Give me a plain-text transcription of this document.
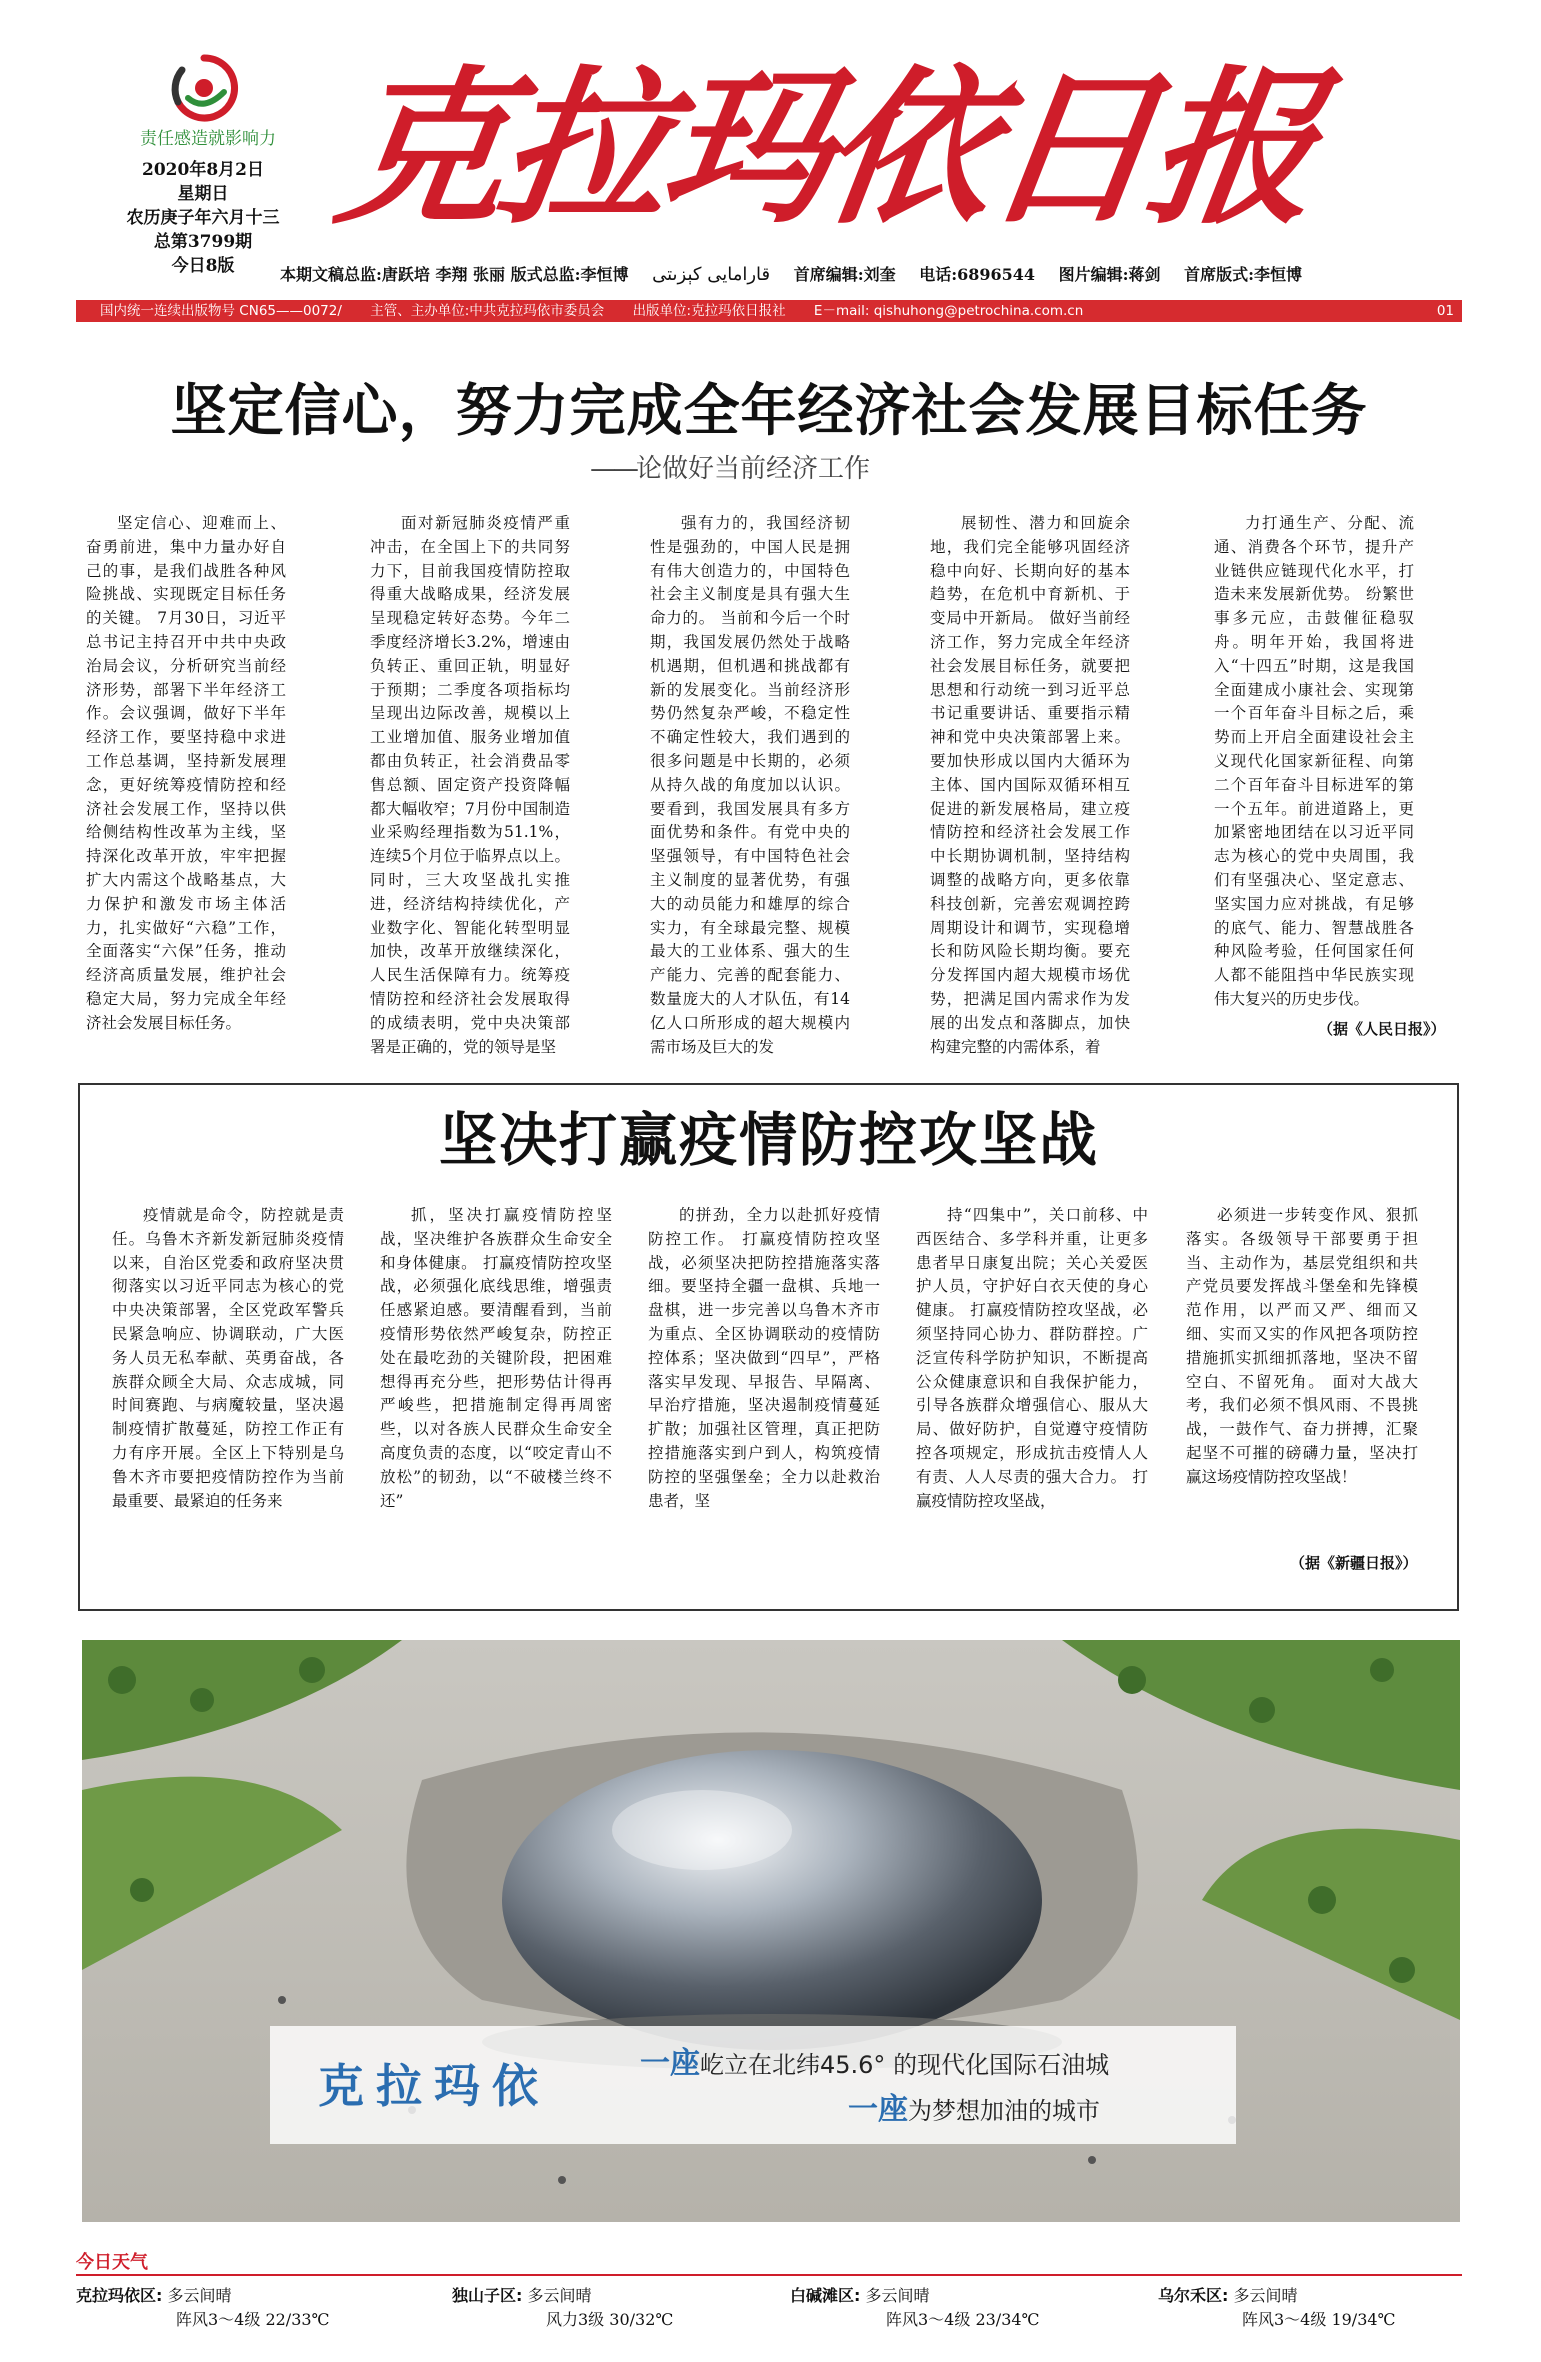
责任感造就影响力
2020年8月2日
星期日
农历庚子年六月十三
总第3799期
今日8版
克拉玛依日报
本期文稿总监:唐跃培 李翔 张丽 版式总监:李恒博 قارامايى كېزىتى 首席编辑:刘奎 电话:6896544 图片编辑:蒋剑 首席版式:李恒博
国内统一连续出版物号 CN65——0072/ 主管、主办单位:中共克拉玛依市委员会 出版单位:克拉玛依日报社 E－mail: qishuhong@petrochina.com.cn	01
坚定信心，努力完成全年经济社会发展目标任务
——论做好当前经济工作
坚定信心、迎难而上、奋勇前进，集中力量办好自己的事，是我们战胜各种风险挑战、实现既定目标任务的关键。 7月30日，习近平总书记主持召开中共中央政治局会议，分析研究当前经济形势，部署下半年经济工作。会议强调，做好下半年经济工作，要坚持稳中求进工作总基调，坚持新发展理念，更好统筹疫情防控和经济社会发展工作，坚持以供给侧结构性改革为主线，坚持深化改革开放，牢牢把握扩大内需这个战略基点，大力保护和激发市场主体活力，扎实做好“六稳”工作，全面落实“六保”任务，推动经济高质量发展，维护社会稳定大局，努力完成全年经济社会发展目标任务。
面对新冠肺炎疫情严重冲击，在全国上下的共同努力下，目前我国疫情防控取得重大战略成果，经济发展呈现稳定转好态势。今年二季度经济增长3.2%，增速由负转正、重回正轨，明显好于预期；二季度各项指标均呈现出边际改善，规模以上工业增加值、服务业增加值都由负转正，社会消费品零售总额、固定资产投资降幅都大幅收窄；7月份中国制造业采购经理指数为51.1%，连续5个月位于临界点以上。同时，三大攻坚战扎实推进，经济结构持续优化，产业数字化、智能化转型明显加快，改革开放继续深化，人民生活保障有力。统筹疫情防控和经济社会发展取得的成绩表明，党中央决策部署是正确的，党的领导是坚
强有力的，我国经济韧性是强劲的，中国人民是拥有伟大创造力的，中国特色社会主义制度是具有强大生命力的。 当前和今后一个时期，我国发展仍然处于战略机遇期，但机遇和挑战都有新的发展变化。当前经济形势仍然复杂严峻，不稳定性不确定性较大，我们遇到的很多问题是中长期的，必须从持久战的角度加以认识。要看到，我国发展具有多方面优势和条件。有党中央的坚强领导，有中国特色社会主义制度的显著优势，有强大的动员能力和雄厚的综合实力，有全球最完整、规模最大的工业体系、强大的生产能力、完善的配套能力、数量庞大的人才队伍，有14亿人口所形成的超大规模内需市场及巨大的发
展韧性、潜力和回旋余地，我们完全能够巩固经济稳中向好、长期向好的基本趋势，在危机中育新机、于变局中开新局。 做好当前经济工作，努力完成全年经济社会发展目标任务，就要把思想和行动统一到习近平总书记重要讲话、重要指示精神和党中央决策部署上来。要加快形成以国内大循环为主体、国内国际双循环相互促进的新发展格局，建立疫情防控和经济社会发展工作中长期协调机制，坚持结构调整的战略方向，更多依靠科技创新，完善宏观调控跨周期设计和调节，实现稳增长和防风险长期均衡。要充分发挥国内超大规模市场优势，把满足国内需求作为发展的出发点和落脚点，加快构建完整的内需体系，着
力打通生产、分配、流通、消费各个环节，提升产业链供应链现代化水平，打造未来发展新优势。 纷繁世事多元应，击鼓催征稳驭舟。明年开始，我国将进入“十四五”时期，这是我国全面建成小康社会、实现第一个百年奋斗目标之后，乘势而上开启全面建设社会主义现代化国家新征程、向第二个百年奋斗目标进军的第一个五年。前进道路上，更加紧密地团结在以习近平同志为核心的党中央周围，我们有坚强决心、坚定意志、坚实国力应对挑战，有足够的底气、能力、智慧战胜各种风险考验，任何国家任何人都不能阻挡中华民族实现伟大复兴的历史步伐。
（据《人民日报》）
坚决打赢疫情防控攻坚战
疫情就是命令，防控就是责任。乌鲁木齐新发新冠肺炎疫情以来，自治区党委和政府坚决贯彻落实以习近平同志为核心的党中央决策部署，全区党政军警兵民紧急响应、协调联动，广大医务人员无私奉献、英勇奋战，各族群众顾全大局、众志成城，同时间赛跑、与病魔较量，坚决遏制疫情扩散蔓延，防控工作正有力有序开展。全区上下特别是乌鲁木齐市要把疫情防控作为当前最重要、最紧迫的任务来
抓，坚决打赢疫情防控坚战，坚决维护各族群众生命安全和身体健康。 打赢疫情防控攻坚战，必须强化底线思维，增强责任感紧迫感。要清醒看到，当前疫情形势依然严峻复杂，防控正处在最吃劲的关键阶段，把困难想得再充分些，把形势估计得再严峻些，把措施制定得再周密些，以对各族人民群众生命安全高度负责的态度，以“咬定青山不放松”的韧劲，以“不破楼兰终不还”
的拼劲，全力以赴抓好疫情防控工作。 打赢疫情防控攻坚战，必须坚决把防控措施落实落细。要坚持全疆一盘棋、兵地一盘棋，进一步完善以乌鲁木齐市为重点、全区协调联动的疫情防控体系；坚决做到“四早”，严格落实早发现、早报告、早隔离、早治疗措施，坚决遏制疫情蔓延扩散；加强社区管理，真正把防控措施落实到户到人，构筑疫情防控的坚强堡垒；全力以赴救治患者，坚
持“四集中”，关口前移、中西医结合、多学科并重，让更多患者早日康复出院；关心关爱医护人员，守护好白衣天使的身心健康。 打赢疫情防控攻坚战，必须坚持同心协力、群防群控。广泛宣传科学防护知识，不断提高公众健康意识和自我保护能力，引导各族群众增强信心、服从大局、做好防护，自觉遵守疫情防控各项规定，形成抗击疫情人人有责、人人尽责的强大合力。 打赢疫情防控攻坚战，
必须进一步转变作风、狠抓落实。各级领导干部要勇于担当、主动作为，基层党组织和共产党员要发挥战斗堡垒和先锋模范作用，以严而又严、细而又细、实而又实的作风把各项防控措施抓实抓细抓落地，坚决不留空白、不留死角。 面对大战大考，我们必须不惧风雨、不畏挑战，一鼓作气、奋力拼搏，汇聚起坚不可摧的磅礴力量，坚决打赢这场疫情防控攻坚战！
（据《新疆日报》）
克拉玛依	一座屹立在北纬45.6° 的现代化国际石油城
一座为梦想加油的城市
今日天气
克拉玛依区: 多云间晴
阵风3～4级 22/33℃
独山子区: 多云间晴
风力3级 30/32℃
白碱滩区: 多云间晴
阵风3～4级 23/34℃
乌尔禾区: 多云间晴
阵风3～4级 19/34℃
